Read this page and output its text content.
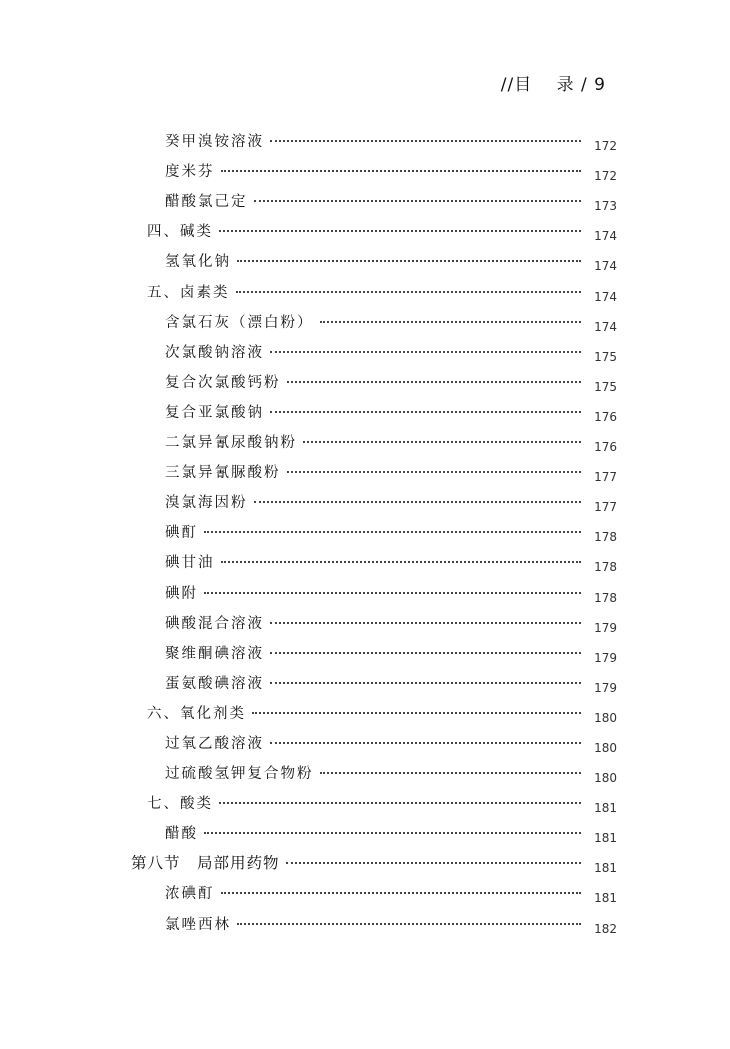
//目　 录 / 9
癸甲溴铵溶液	172
度米芬	172
醋酸氯己定	173
四、碱类	174
氢氧化钠	174
五、卤素类	174
含氯石灰（漂白粉）	174
次氯酸钠溶液	175
复合次氯酸钙粉	175
复合亚氯酸钠	176
二氯异氰尿酸钠粉	176
三氯异氰脲酸粉	177
溴氯海因粉	177
碘酊	178
碘甘油	178
碘附	178
碘酸混合溶液	179
聚维酮碘溶液	179
蛋氨酸碘溶液	179
六、氧化剂类	180
过氧乙酸溶液	180
过硫酸氢钾复合物粉	180
七、酸类	181
醋酸	181
第八节　局部用药物	181
浓碘酊	181
氯唑西林	182
